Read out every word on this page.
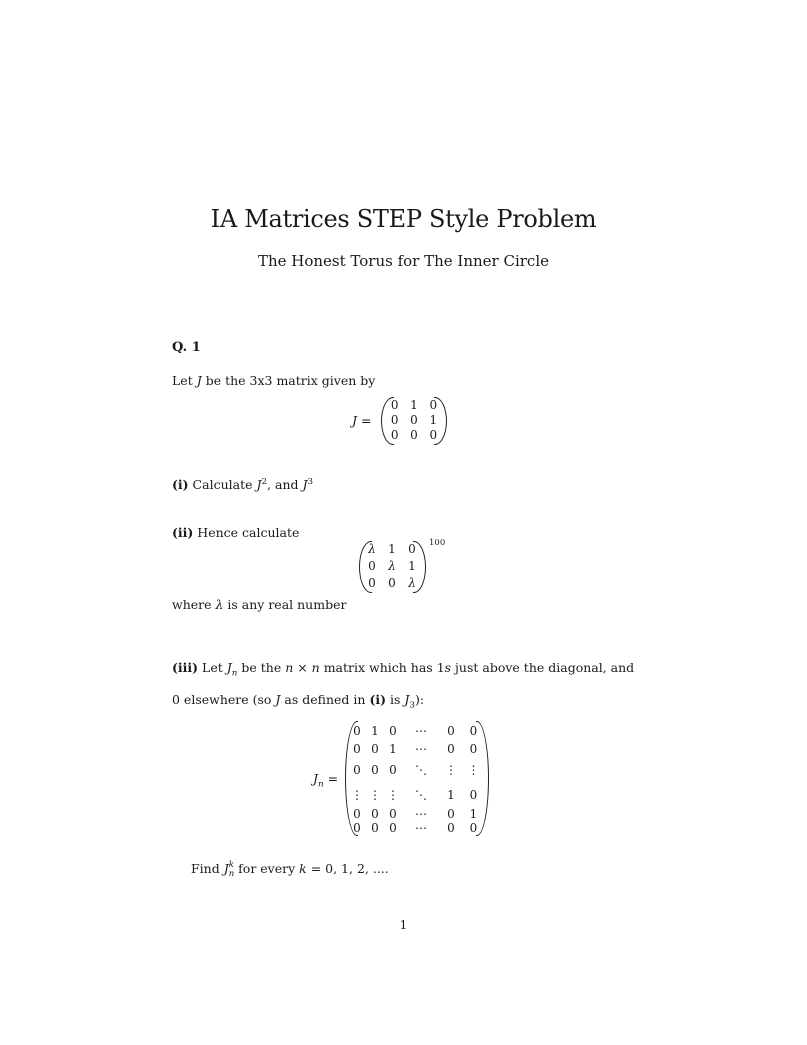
IA Matrices STEP Style Problem
The Honest Torus for The Inner Circle
Q. 1
Let J be the 3x3 matrix given by
J =
0 1 0
0 0 1
0 0 0
(i) Calculate $J^2$, and $J^3$
(ii) Hence calculate
λ	1	0
0	λ	1
0	0	λ
100
where λ is any real number
(iii) Let $J_n$ be the n × n matrix which has 1s just above the diagonal, and
0 elsewhere (so J as defined in (i) is $J_3$):
$J_n$ =
0 1 0	⋯	0	0
0 0 1	⋯	0	0
0 0 0	⋱	⋮ ⋮
⋮ ⋮ ⋮	⋱	1	0
0 0 0	⋯	0	1
0 0 0	⋯	0	0
Find J k
n for every k = 0, 1, 2, ....
1
